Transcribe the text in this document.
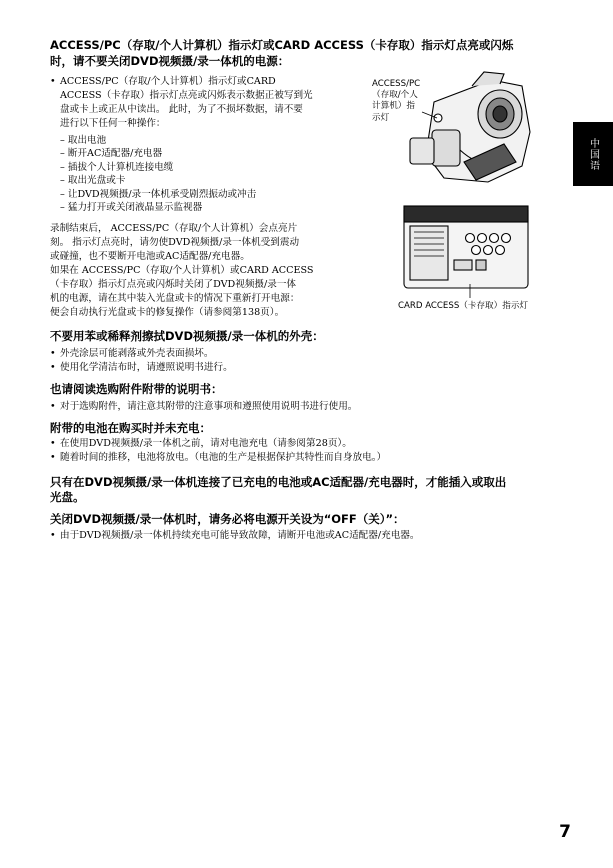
ACCESS/PC（存取/个人计算机）指示灯或CARD ACCESS（卡存取）指示灯点亮或闪烁

时，请不要关闭DVD视频摄/录一体机的电源：

• ACCESS/PC（存取/个人计算机）指示灯或CARD

ACCESS（卡存取）指示灯点亮或闪烁表示数据正被写到光

盘或卡上或正从中读出。 此时，为了不损坏数据，请不要

进行以下任何一种操作：

– 取出电池
– 断开AC适配器/充电器
– 插拔个人计算机连接电缆
– 取出光盘或卡
– 让DVD视频摄/录一体机承受剧烈振动或冲击
– 猛力打开或关闭液晶显示监视器

录制结束后， ACCESS/PC（存取/个人计算机）会点亮片

刻。 指示灯点亮时，请勿使DVD视频摄/录一体机受到震动

或碰撞，也不要断开电池或AC适配器/充电器。

如果在 ACCESS/PC（存取/个人计算机）或CARD ACCESS

（卡存取）指示灯点亮或闪烁时关闭了DVD视频摄/录一体

机的电源，请在其中装入光盘或卡的情况下重新打开电源：

便会自动执行光盘或卡的修复操作（请参阅第138页）。

ACCESS/PC
（存取/个人
计算机）指
示灯
CARD ACCESS（卡存取）指示灯

不要用苯或稀释剂擦拭DVD视频摄/录一体机的外壳：

• 外壳涂层可能剥落或外壳表面损坏。
• 使用化学清洁布时，请遵照说明书进行。

也请阅读选购附件附带的说明书：

• 对于选购附件，请注意其附带的注意事项和遵照使用说明书进行使用。

附带的电池在购买时并未充电：

• 在使用DVD视频摄/录一体机之前，请对电池充电（请参阅第28页）。
• 随着时间的推移，电池将放电。（电池的生产是根据保护其特性而自身放电。）

只有在DVD视频摄/录一体机连接了已充电的电池或AC适配器/充电器时，才能插入或取出

光盘。

关闭DVD视频摄/录一体机时，请务必将电源开关设为“OFF（关）”：

• 由于DVD视频摄/录一体机持续充电可能导致故障，请断开电池或AC适配器/充电器。
中国语
7
